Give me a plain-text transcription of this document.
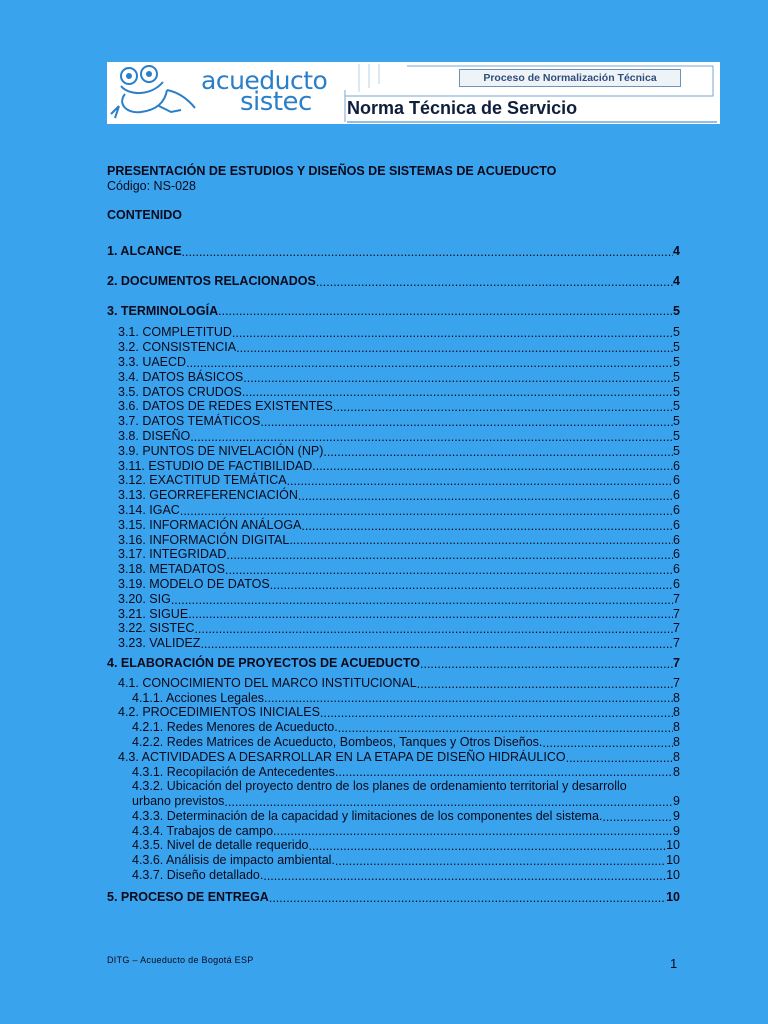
acueducto
sistec
Proceso de Normalización Técnica
Norma Técnica de Servicio
PRESENTACIÓN DE ESTUDIOS Y DISEÑOS DE SISTEMAS DE ACUEDUCTO
Código: NS-028
CONTENIDO
1. ALCANCE .....	4
2. DOCUMENTOS RELACIONADOS .....	4
3. TERMINOLOGÍA .....	5
3.1. COMPLETITUD .....	5
3.2. CONSISTENCIA .....	5
3.3. UAECD .....	5
3.4. DATOS BÁSICOS .....	5
3.5. DATOS CRUDOS .....	5
3.6. DATOS DE REDES EXISTENTES .....	5
3.7. DATOS TEMÁTICOS .....	5
3.8. DISEÑO .....	5
3.9. PUNTOS DE NIVELACIÓN (NP) .....	5
3.11. ESTUDIO DE FACTIBILIDAD .....	6
3.12. EXACTITUD TEMÁTICA .....	6
3.13. GEORREFERENCIACIÓN .....	6
3.14. IGAC .....	6
3.15. INFORMACIÓN ANÁLOGA .....	6
3.16. INFORMACIÓN DIGITAL .....	6
3.17. INTEGRIDAD .....	6
3.18. METADATOS .....	6
3.19. MODELO DE DATOS .....	6
3.20. SIG .....	7
3.21. SIGUE .....	7
3.22. SISTEC .....	7
3.23. VALIDEZ .....	7
4. ELABORACIÓN DE PROYECTOS DE ACUEDUCTO .....	7
4.1. CONOCIMIENTO DEL MARCO INSTITUCIONAL .....	7
4.1.1. Acciones Legales. .....	8
4.2. PROCEDIMIENTOS INICIALES .....	8
4.2.1. Redes Menores de Acueducto. .....	8
4.2.2. Redes Matrices de Acueducto, Bombeos, Tanques y Otros Diseños. .....	8
4.3. ACTIVIDADES A DESARROLLAR EN LA ETAPA DE DISEÑO HIDRÁULICO .....	8
4.3.1. Recopilación de Antecedentes. .....	8
4.3.2. Ubicación del proyecto dentro de los planes de ordenamiento territorial y desarrollo
urbano previstos .....	9
4.3.3. Determinación de la capacidad y limitaciones de los componentes del sistema. .....	9
4.3.4. Trabajos de campo. .....	9
4.3.5. Nivel de detalle requerido .....	10
4.3.6. Análisis de impacto ambiental. .....	10
4.3.7. Diseño detallado. .....	10
5. PROCESO DE ENTREGA .....	10
DITG – Acueducto de Bogotá ESP	1
